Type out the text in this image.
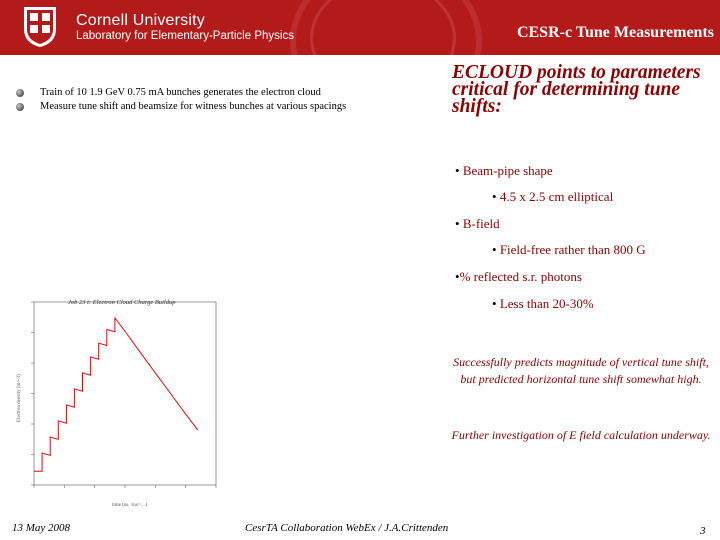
Cornell University
Laboratory for Elementary-Particle Physics	CESR-c Tune Measurements
Train of 10 1.9 GeV 0.75 mA bunches generates the electron cloud
Measure tune shift and beamsize for witness bunches at various spacings
ECLOUD points to parameters critical for determining tune shifts:
• Beam-pipe shape
• 4.5 x 2.5 cm elliptical
• B-field
• Field-free rather than 800 G
•% reflected s.r. photons
• Less than 20-30%
Successfully predicts magnitude of vertical tune shift, but predicted horizontal tune shift somewhat high.
Further investigation of E field calculation underway.
Job 23 t: Electron Cloud Charge Buildup
Electron density (m^-3)
time (ns, 1ns=…)
13 May 2008	CesrTA Collaboration WebEx / J.A.Crittenden	3
